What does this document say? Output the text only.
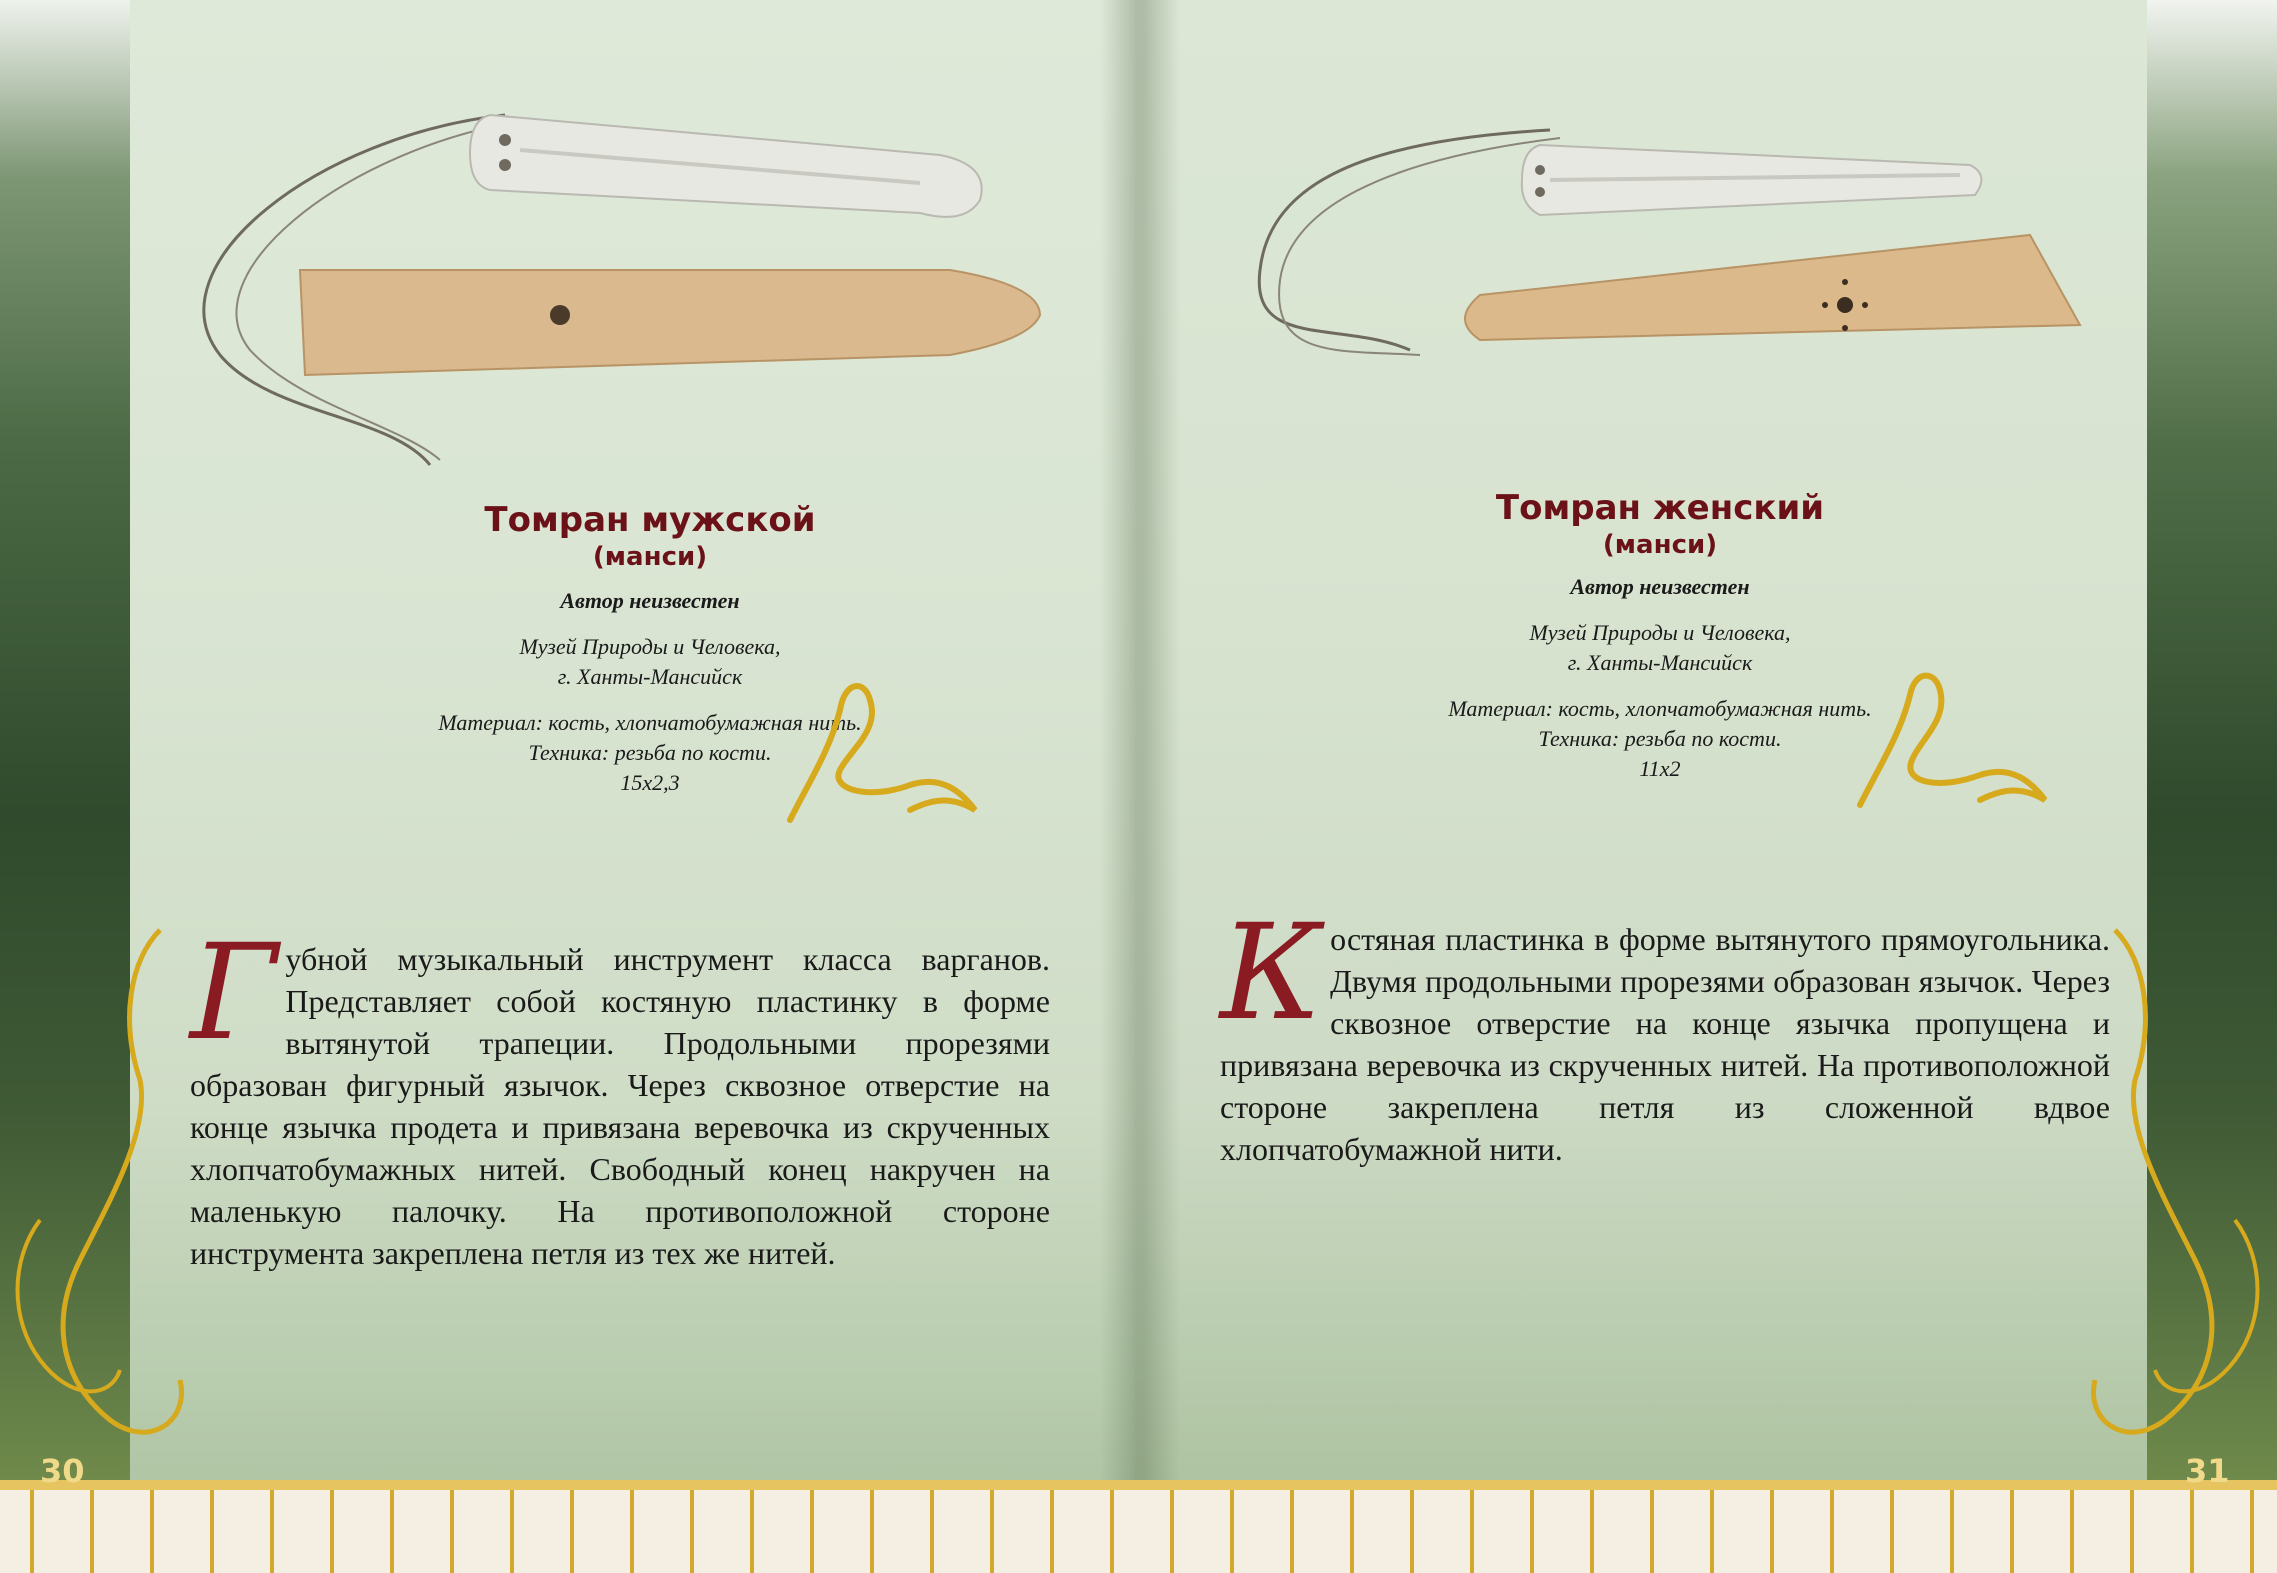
Томран мужской
(манси)
Автор неизвестен
Музей Природы и Человека,
г. Ханты-Мансийск
Материал: кость, хлопчатобумажная нить.
Техника: резьба по кости.
15х2,3
Томран женский
(манси)
Автор неизвестен
Музей Природы и Человека,
г. Ханты-Мансийск
Материал: кость, хлопчатобумажная нить.
Техника: резьба по кости.
11х2
Г убной музыкальный инструмент класса варганов. Представляет собой костяную пластинку в форме вытянутой трапеции. Продольными прорезями образован фигурный язычок. Через сквозное отверстие на конце язычка продета и привязана веревочка из скрученных хлопчатобумажных нитей. Свободный конец накручен на маленькую палочку. На противоположной стороне инструмента закреплена петля из тех же нитей.
К остяная пластинка в форме вытянутого прямоугольника. Двумя продольными прорезями образован язычок. Через сквозное отверстие на конце язычка пропущена и привязана веревочка из скрученных нитей. На противоположной стороне закреплена петля из сложенной вдвое хлопчатобумажной нити.
30	31
